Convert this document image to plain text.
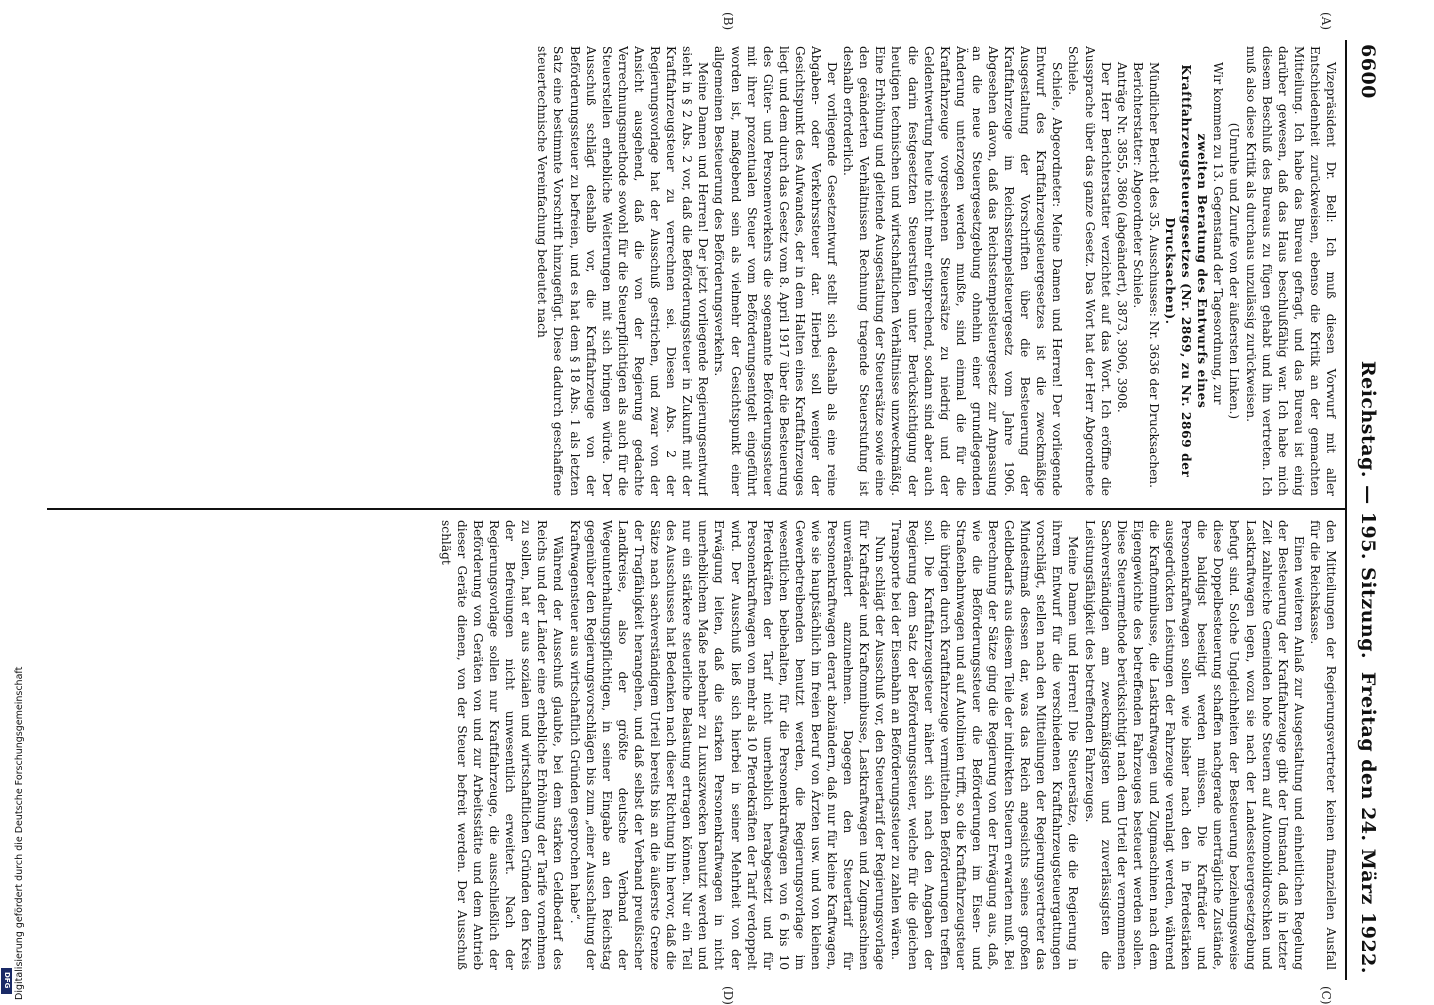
6600
Reichstag. — 195. Sitzung.
Freitag den 24. März 1922.
(A)
(B)
(C)
(D)

Vizepräsident Dr. Bell: Ich muß diesen Vorwurf mit aller Entschiedenheit zurückweisen, ebenso die Kritik an der gemachten Mitteilung. Ich habe das Bureau gefragt, und das Bureau ist einig darüber gewesen, daß das Haus beschlußfähig war. Ich habe mich diesem Beschluß des Bureaus zu fügen gehabt und ihn vertreten. Ich muß also diese Kritik als durchaus unzulässig zurückweisen.

(Unruhe und Zurufe von der äußersten Linken.)

Wir kommen zu 13. Gegenstand der Tagesordnung, zur

zweiten Beratung des Entwurfs eines Kraftfahrzeugsteuergesetzes (Nr. 2869, zu Nr. 2869 der Drucksachen).

Mündlicher Bericht des 35. Ausschusses: Nr. 3636 der Drucksachen.

Berichterstatter: Abgeordneter Schiele.

Anträge Nr. 3855, 3860 (abgeändert), 3873, 3906, 3908.

Der Herr Berichterstatter verzichtet auf das Wort. Ich eröffne die Aussprache über das ganze Gesetz. Das Wort hat der Herr Abgeordnete Schiele.

Schiele, Abgeordneter: Meine Damen und Herren! Der vorliegende Entwurf des Kraftfahrzeugsteuergesetzes ist die zweckmäßige Ausgestaltung der Vorschriften über die Besteuerung der Kraftfahrzeuge im Reichsstempelsteuergesetz vom Jahre 1906. Abgesehen davon, daß das Reichsstempelsteuergesetz zur Anpassung an die neue Steuergesetzgebung ohnehin einer grundlegenden Änderung unterzogen werden mußte, sind einmal die für die Kraftfahrzeuge vorgesehenen Steuersätze zu niedrig und der Geldentwertung heute nicht mehr entsprechend, sodann sind aber auch die darin festgesetzten Steuerstufen unter Berücksichtigung der heutigen technischen und wirtschaftlichen Verhältnisse unzweckmäßig. Eine Erhöhung und gleitende Ausgestaltung der Steuersätze sowie eine den geänderten Verhältnissen Rechnung tragende Steuerstufung ist deshalb erforderlich.

Der vorliegende Gesetzentwurf stellt sich deshalb als eine reine Abgaben- oder Verkehrssteuer dar. Hierbei soll weniger der Gesichtspunkt des Aufwandes, der in dem Halten eines Kraftfahrzeuges liegt und dem durch das Gesetz vom 8. April 1917 über die Besteuerung des Güter- und Personenverkehrs die sogenannte Beförderungssteuer mit ihrer prozentualen Steuer vom Beförderungsentgelt eingeführt worden ist, maßgebend sein als vielmehr der Gesichtspunkt einer allgemeinen Besteuerung des Beförderungsverkehrs.

Meine Damen und Herren! Der jetzt vorliegende Regierungsentwurf sieht in § 2 Abs. 2 vor, daß die Beförderungssteuer in Zukunft mit der Kraftfahrzeugsteuer zu verrechnen sei. Diesen Abs. 2 der Regierungsvorlage hat der Ausschuß gestrichen, und zwar von der Ansicht ausgehend, daß die von der Regierung gedachte Verrechnungsmethode sowohl für die Steuerpflichtigen als auch für die Steuerstellen erhebliche Weiterungen mit sich bringen würde. Der Ausschuß schlägt deshalb vor, die Kraftfahrzeuge von der Beförderungssteuer zu befreien, und es hat dem § 18 Abs. 1 als letzten Satz eine bestimmte Vorschrift hinzugefügt. Diese dadurch geschaffene steuertechnische Vereinfachung bedeutet nach

den Mitteilungen der Regierungsvertreter keinen finanziellen Ausfall für die Reichskasse.

Einen weiteren Anlaß zur Ausgestaltung und einheitlichen Regelung der Besteuerung der Kraftfahrzeuge gibt der Umstand, daß in letzter Zeit zahlreiche Gemeinden hohe Steuern auf Automobildroschken und Lastkraftwagen legen, wozu sie nach der Landessteuergesetzgebung befugt sind. Solche Ungleichheiten der Besteuerung beziehungsweise diese Doppelbesteuerung schaffen nachgerade unerträgliche Zustände, die baldigst beseitigt werden müssen. Die Krafträder und Personenkraftwagen sollen wie bisher nach den in Pferdestärken ausgedrückten Leistungen der Fahrzeuge veranlagt werden, während die Kraftomnibusse, die Lastkraftwagen und Zugmaschinen nach dem Eigengewichte des betreffenden Fahrzeuges besteuert werden sollen. Diese Steuermethode berücksichtigt nach dem Urteil der vernommenen Sachverständigen am zweckmäßigsten und zuverlässigsten die Leistungsfähigkeit des betreffenden Fahrzeuges.

Meine Damen und Herren! Die Steuersätze, die die Regierung in ihrem Entwurf für die verschiedenen Kraftfahrzeugsteuergattungen vorschlägt, stellen nach den Mitteilungen der Regierungsvertreter das Mindestmaß dessen dar, was das Reich angesichts seines großen Geldbedarfs aus diesem Teile der indirekten Steuern erwarten muß. Bei Berechnung der Sätze ging die Regierung von der Erwägung aus, daß, wie die Beförderungssteuer die Beförderungen im Eisen- und Straßenbahnwagen und auf Autolinien trifft, so die Kraftfahrzeugsteuer die übrigen durch Kraftfahrzeuge vermittelnden Beförderungen treffen soll. Die Kraftfahrzeugsteuer nähert sich nach den Angaben der Regierung dem Satz der Beförderungssteuer, welche für die gleichen Transporte bei der Eisenbahn an Beförderungssteuer zu zahlen wären.

Nun schlägt der Ausschuß vor, den Steuertarif der Regierungsvorlage für Krafträder und Kraftomnibusse, Lastkraftwagen und Zugmaschinen unverändert anzunehmen. Dagegen den Steuertarif für Personenkraftwagen derart abzuändern, daß nur für kleine Kraftwagen, wie sie hauptsächlich im freien Beruf von Ärzten usw. und von kleinen Gewerbetreibenden benutzt werden, die Regierungsvorlage im wesentlichen beibehalten, für die Personenkraftwagen von 6 bis 10 Pferdekräften der Tarif nicht unerheblich herabgesetzt und für Personenkraftwagen von mehr als 10 Pferdekräften der Tarif verdoppelt wird. Der Ausschuß ließ sich hierbei in seiner Mehrheit von der Erwägung leiten, daß die starken Personenkraftwagen in nicht unerheblichem Maße nebenher zu Luxuszwecken benutzt werden und nur ein stärkere steuerliche Belastung ertragen können. Nur ein Teil des Ausschusses hat Bedenken nach dieser Richtung hin hervor, daß die Sätze nach sachverständigem Urteil bereits bis an die äußerste Grenze der Tragfähigkeit herangehen, und daß selbst der Verband preußischer Landkreise, also der größte deutsche Verband der Wegeunterhaltungspflichtigen, in seiner Eingabe an den Reichstag gegenüber den Regierungsvorschlägen bis zum „einer Ausschaltung der Kraftwagensteuer aus wirtschaftlich Gründen gesprochen habe“.

Während der Ausschuß glaubte, bei dem starken Geldbedarf des Reichs und der Länder eine erhebliche Erhöhung der Tarife vornehmen zu sollen, hat er aus sozialen und wirtschaftlichen Gründen den Kreis der Befreiungen nicht unwesentlich erweitert. Nach der Regierungsvorlage sollen nur Kraftfahrzeuge, die ausschließlich der Beförderung von Geräten von und zur Arbeitsstätte und dem Antrieb dieser Geräte dienen, von der Steuer befreit werden. Der Ausschuß schlägt

Digitalisierung gefördert durch die Deutsche Forschungsgemeinschaft
DFG
